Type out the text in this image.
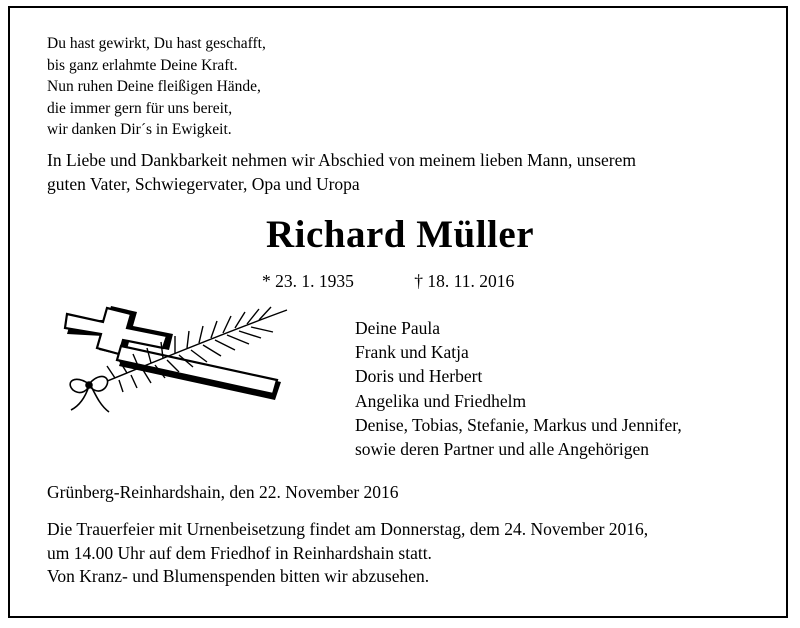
Du hast gewirkt, Du hast geschafft,
bis ganz erlahmte Deine Kraft.
Nun ruhen Deine fleißigen Hände,
die immer gern für uns bereit,
wir danken Dir´s in Ewigkeit.
In Liebe und Dankbarkeit nehmen wir Abschied von meinem lieben Mann, unserem
guten Vater, Schwiegervater, Opa und Uropa
Richard Müller
* 23. 1. 1935	† 18. 11. 2016
Deine Paula
Frank und Katja
Doris und Herbert
Angelika und Friedhelm
Denise, Tobias, Stefanie, Markus und Jennifer,
sowie deren Partner und alle Angehörigen
Grünberg-Reinhardshain, den 22. November 2016
Die Trauerfeier mit Urnenbeisetzung findet am Donnerstag, dem 24. November 2016,
um 14.00 Uhr auf dem Friedhof in Reinhardshain statt.
Von Kranz- und Blumenspenden bitten wir abzusehen.
